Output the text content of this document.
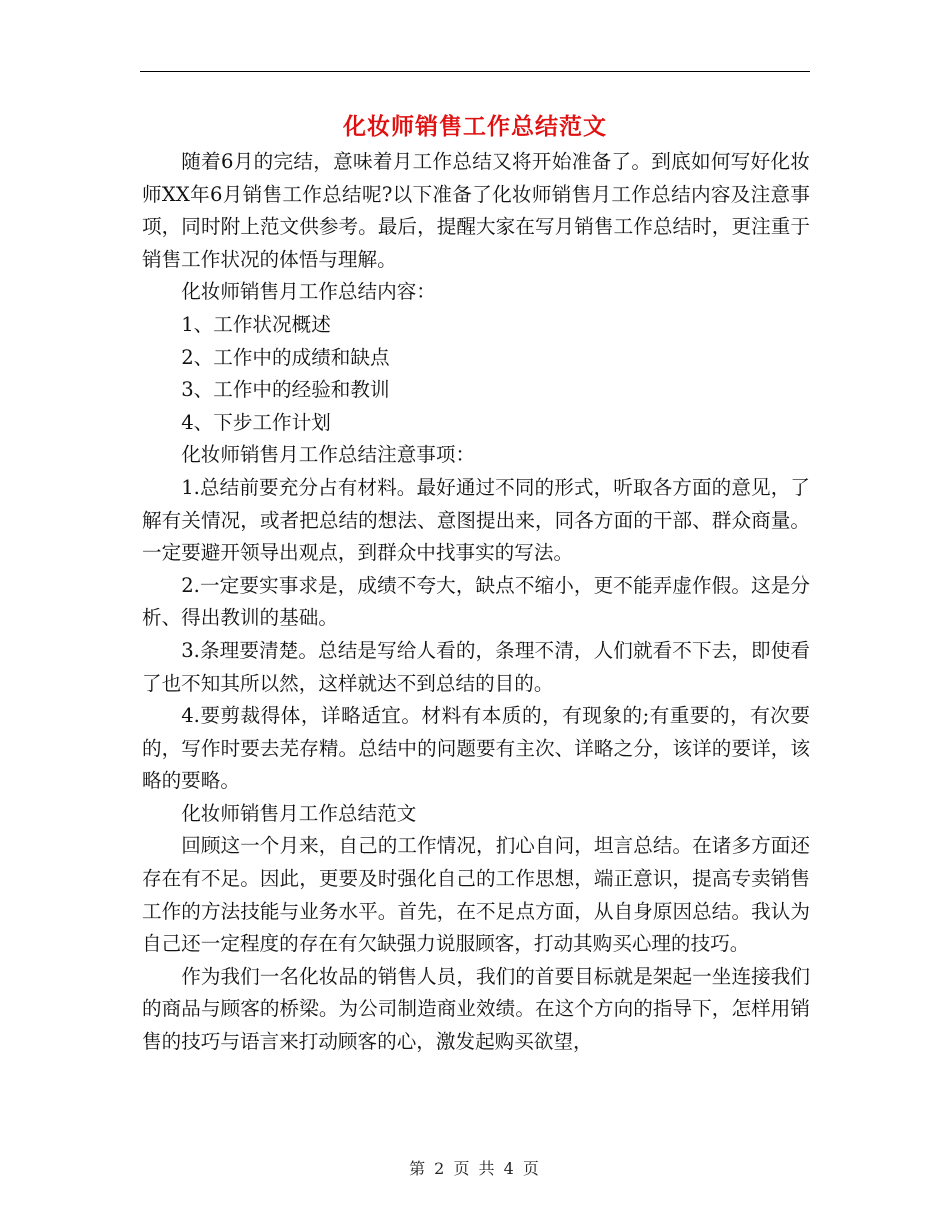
化妆师销售工作总结范文

随着6月的完结，意味着月工作总结又将开始准备了。到底如何写好化妆师XX年6月销售工作总结呢?以下准备了化妆师销售月工作总结内容及注意事项，同时附上范文供参考。最后，提醒大家在写月销售工作总结时，更注重于销售工作状况的体悟与理解。

化妆师销售月工作总结内容：

1、工作状况概述

2、工作中的成绩和缺点

3、工作中的经验和教训

4、下步工作计划

化妆师销售月工作总结注意事项：

1.总结前要充分占有材料。最好通过不同的形式，听取各方面的意见，了解有关情况，或者把总结的想法、意图提出来，同各方面的干部、群众商量。一定要避开领导出观点，到群众中找事实的写法。

2.一定要实事求是，成绩不夸大，缺点不缩小，更不能弄虚作假。这是分析、得出教训的基础。

3.条理要清楚。总结是写给人看的，条理不清，人们就看不下去，即使看了也不知其所以然，这样就达不到总结的目的。

4.要剪裁得体，详略适宜。材料有本质的，有现象的;有重要的，有次要的，写作时要去芜存精。总结中的问题要有主次、详略之分，该详的要详，该略的要略。

化妆师销售月工作总结范文

回顾这一个月来，自己的工作情况，扪心自问，坦言总结。在诸多方面还存在有不足。因此，更要及时强化自己的工作思想，端正意识，提高专卖销售工作的方法技能与业务水平。首先，在不足点方面，从自身原因总结。我认为自己还一定程度的存在有欠缺强力说服顾客，打动其购买心理的技巧。

作为我们一名化妆品的销售人员，我们的首要目标就是架起一坐连接我们的商品与顾客的桥梁。为公司制造商业效绩。在这个方向的指导下，怎样用销售的技巧与语言来打动顾客的心，激发起购买欲望，

第 2 页 共 4 页
